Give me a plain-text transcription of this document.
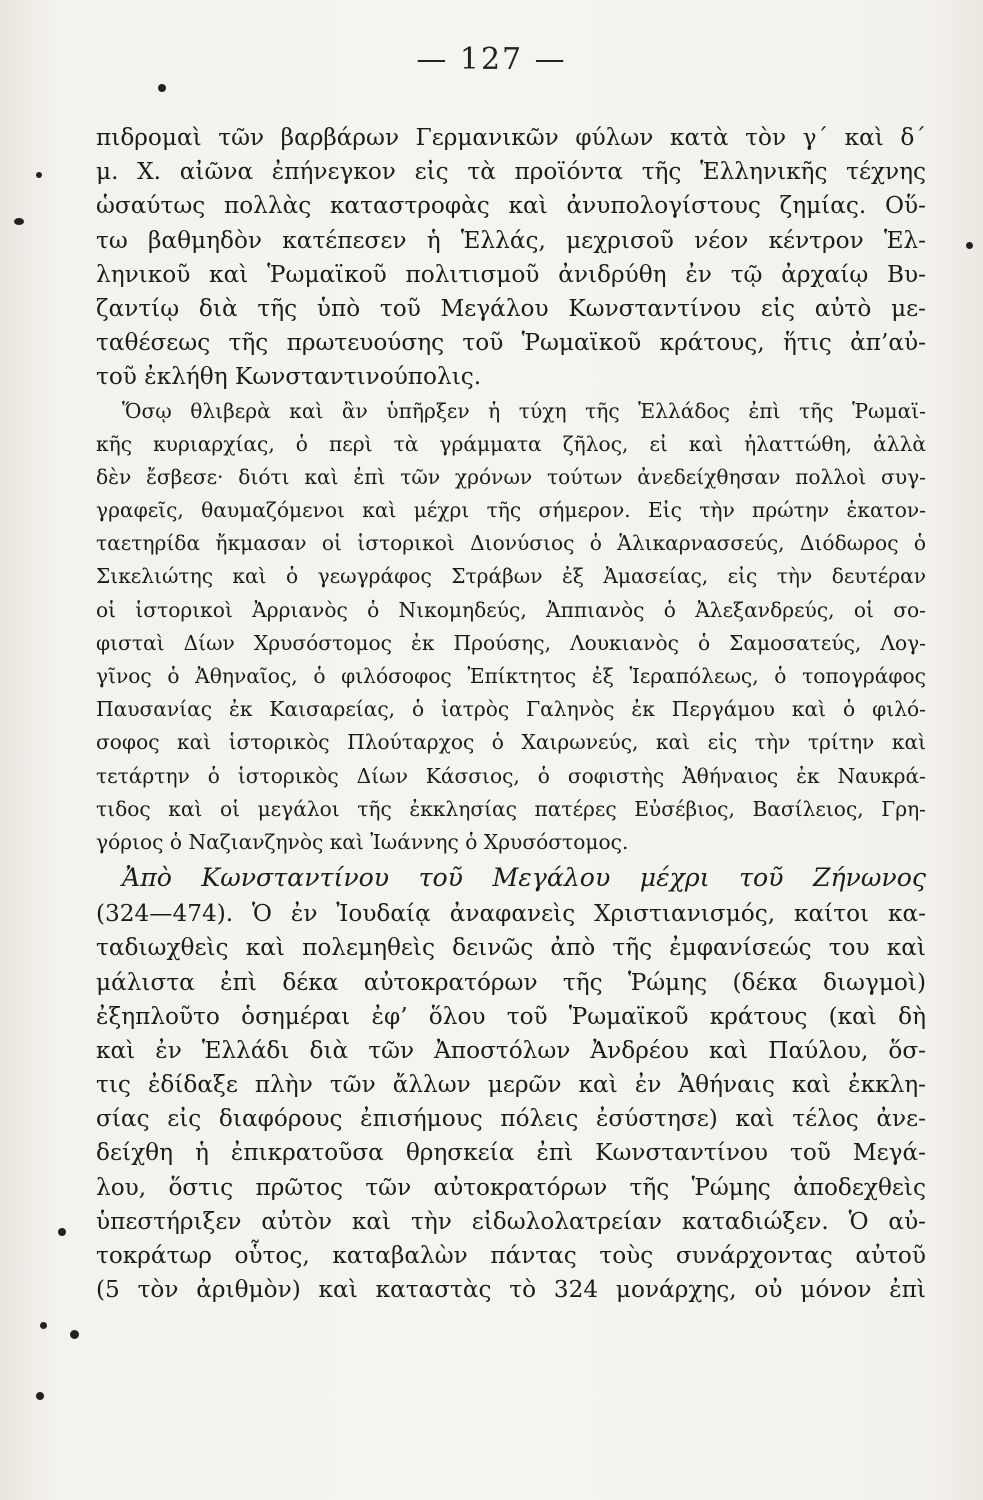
— 127 —
πιδρομαὶ τῶν βαρβάρων Γερμανικῶν φύλων κατὰ τὸν γ΄ καὶ δ΄
μ. Χ. αἰῶνα ἐπήνεγκον εἰς τὰ προϊόντα τῆς Ἑλληνικῆς τέχνης
ὡσαύτως πολλὰς καταστροφὰς καὶ ἀνυπολογίστους ζημίας. Οὕ-
τω βαθμηδὸν κατέπεσεν ἡ Ἑλλάς, μεχρισοῦ νέον κέντρον Ἑλ-
ληνικοῦ καὶ Ῥωμαϊκοῦ πολιτισμοῦ ἀνιδρύθη ἐν τῷ ἀρχαίῳ Βυ-
ζαντίῳ διὰ τῆς ὑπὸ τοῦ Μεγάλου Κωνσταντίνου εἰς αὐτὸ με-
ταθέσεως τῆς πρωτευούσης τοῦ Ῥωμαϊκοῦ κράτους, ἥτις ἀπ’αὐ-
τοῦ ἐκλήθη Κωνσταντινούπολις.
Ὅσῳ θλιβερὰ καὶ ἂν ὑπῆρξεν ἡ τύχη τῆς Ἑλλάδος ἐπὶ τῆς Ῥωμαϊ-
κῆς κυριαρχίας, ὁ περὶ τὰ γράμματα ζῆλος, εἰ καὶ ἠλαττώθη, ἀλλὰ
δὲν ἔσβεσε· διότι καὶ ἐπὶ τῶν χρόνων τούτων ἀνεδείχθησαν πολλοὶ συγ-
γραφεῖς, θαυμαζόμενοι καὶ μέχρι τῆς σήμερον. Εἰς τὴν πρώτην ἑκατον-
ταετηρίδα ἤκμασαν οἱ ἱστορικοὶ Διονύσιος ὁ Ἁλικαρνασσεύς, Διόδωρος ὁ
Σικελιώτης καὶ ὁ γεωγράφος Στράβων ἐξ Ἀμασείας, εἰς τὴν δευτέραν
οἱ ἱστορικοὶ Ἀρριανὸς ὁ Νικομηδεύς, Ἀππιανὸς ὁ Ἀλεξανδρεύς, οἱ σο-
φισταὶ Δίων Χρυσόστομος ἐκ Προύσης, Λουκιανὸς ὁ Σαμοσατεύς, Λογ-
γῖνος ὁ Ἀθηναῖος, ὁ φιλόσοφος Ἐπίκτητος ἐξ Ἱεραπόλεως, ὁ τοπογράφος
Παυσανίας ἐκ Καισαρείας, ὁ ἰατρὸς Γαληνὸς ἐκ Περγάμου καὶ ὁ φιλό-
σοφος καὶ ἱστορικὸς Πλούταρχος ὁ Χαιρωνεύς, καὶ εἰς τὴν τρίτην καὶ
τετάρτην ὁ ἱστορικὸς Δίων Κάσσιος, ὁ σοφιστὴς Ἀθήναιος ἐκ Ναυκρά-
τιδος καὶ οἱ μεγάλοι τῆς ἐκκλησίας πατέρες Εὐσέβιος, Βασίλειος, Γρη-
γόριος ὁ Ναζιανζηνὸς καὶ Ἰωάννης ὁ Χρυσόστομος.
Ἀπὸ Κωνσταντίνου τοῦ Μεγάλου μέχρι τοῦ Ζήνωνος
(324—474). Ὁ ἐν Ἰουδαίᾳ ἀναφανεὶς Χριστιανισμός, καίτοι κα-
ταδιωχθεὶς καὶ πολεμηθεὶς δεινῶς ἀπὸ τῆς ἐμφανίσεώς του καὶ
μάλιστα ἐπὶ δέκα αὐτοκρατόρων τῆς Ῥώμης (δέκα διωγμοὶ)
ἐξηπλοῦτο ὁσημέραι ἐφ’ ὅλου τοῦ Ῥωμαϊκοῦ κράτους (καὶ δὴ
καὶ ἐν Ἑλλάδι διὰ τῶν Ἀποστόλων Ἀνδρέου καὶ Παύλου, ὅσ-
τις ἐδίδαξε πλὴν τῶν ἄλλων μερῶν καὶ ἐν Ἀθήναις καὶ ἐκκλη-
σίας εἰς διαφόρους ἐπισήμους πόλεις ἐσύστησε) καὶ τέλος ἀνε-
δείχθη ἡ ἐπικρατοῦσα θρησκεία ἐπὶ Κωνσταντίνου τοῦ Μεγά-
λου, ὅστις πρῶτος τῶν αὐτοκρατόρων τῆς Ῥώμης ἀποδεχθεὶς
ὑπεστήριξεν αὐτὸν καὶ τὴν εἰδωλολατρείαν καταδιώξεν. Ὁ αὐ-
τοκράτωρ οὗτος, καταβαλὼν πάντας τοὺς συνάρχοντας αὐτοῦ
(5 τὸν ἀριθμὸν) καὶ καταστὰς τὸ 324 μονάρχης, οὐ μόνον ἐπὶ
